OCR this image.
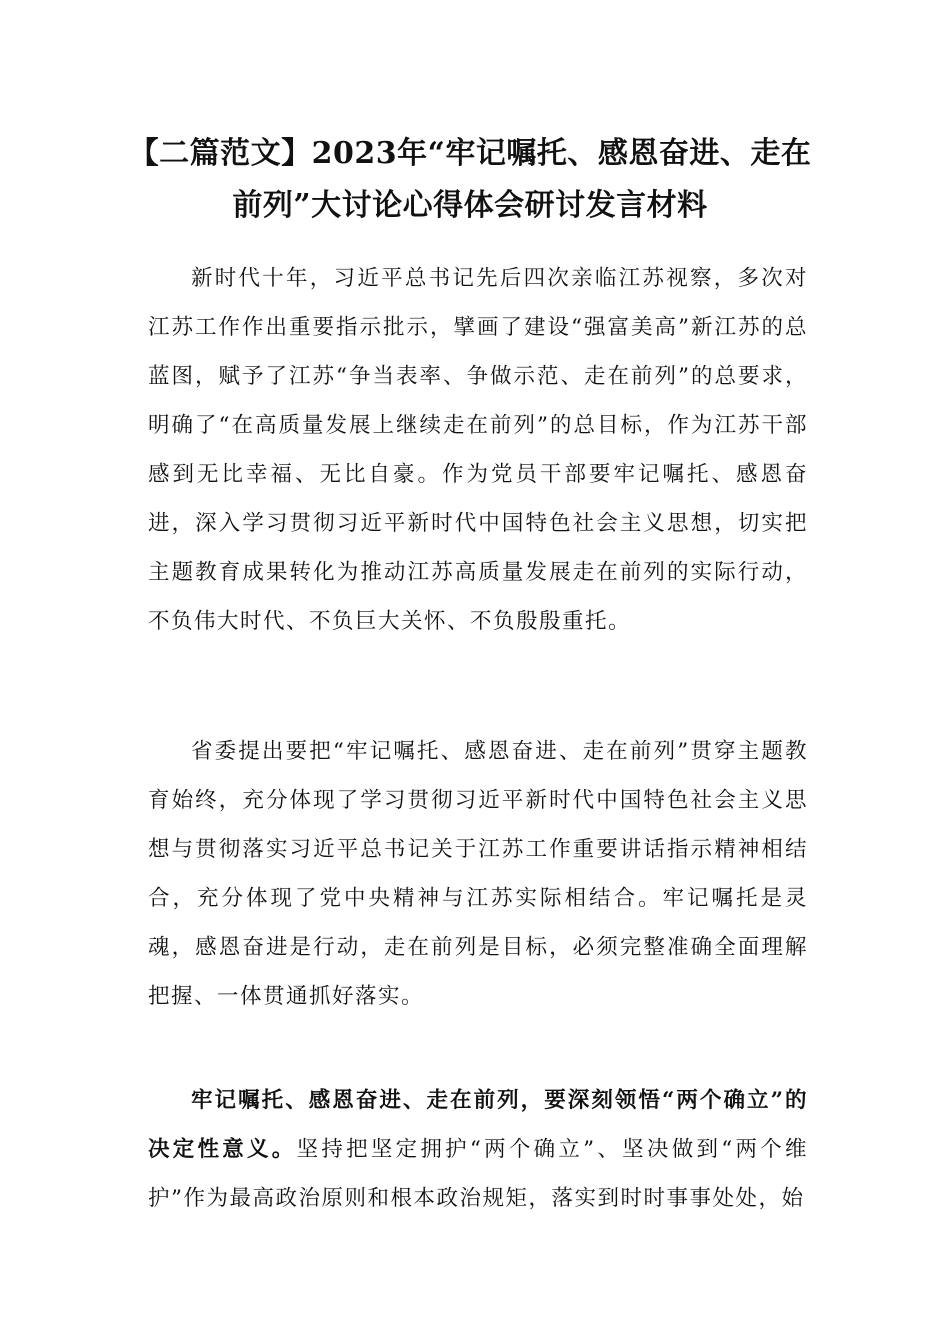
【二篇范文】2023年“牢记嘱托、感恩奋进、走在
前列”大讨论心得体会研讨发言材料

新时代十年，习近平总书记先后四次亲临江苏视察，多次对江苏工作作出重要指示批示，擘画了建设“强富美高”新江苏的总蓝图，赋予了江苏“争当表率、争做示范、走在前列”的总要求，明确了“在高质量发展上继续走在前列”的总目标，作为江苏干部感到无比幸福、无比自豪。作为党员干部要牢记嘱托、感恩奋进，深入学习贯彻习近平新时代中国特色社会主义思想，切实把主题教育成果转化为推动江苏高质量发展走在前列的实际行动，不负伟大时代、不负巨大关怀、不负殷殷重托。

省委提出要把“牢记嘱托、感恩奋进、走在前列”贯穿主题教育始终，充分体现了学习贯彻习近平新时代中国特色社会主义思想与贯彻落实习近平总书记关于江苏工作重要讲话指示精神相结合，充分体现了党中央精神与江苏实际相结合。牢记嘱托是灵魂，感恩奋进是行动，走在前列是目标，必须完整准确全面理解把握、一体贯通抓好落实。

牢记嘱托、感恩奋进、走在前列，要深刻领悟“两个确立”的决定性意义。坚持把坚定拥护“两个确立”、坚决做到“两个维护”作为最高政治原则和根本政治规矩，落实到时时事事处处，始
